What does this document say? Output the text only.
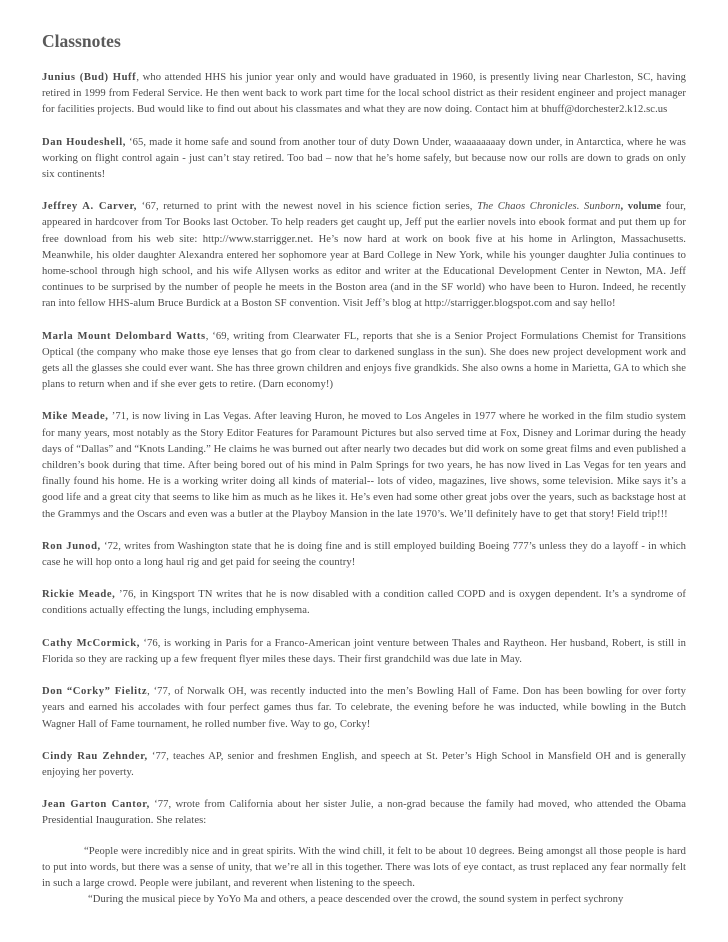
Classnotes

Junius (Bud) Huff, who attended HHS his junior year only and would have graduated in 1960, is presently living near Charleston, SC, having retired in 1999 from Federal Service. He then went back to work part time for the local school district as their resident engineer and project manager for facilities projects. Bud would like to find out about his classmates and what they are now doing. Contact him at bhuff@dorchester2.k12.sc.us

Dan Houdeshell, ‘65, made it home safe and sound from another tour of duty Down Under, waaaaaaaay down under, in Antarctica, where he was working on flight control again - just can’t stay retired. Too bad – now that he’s home safely, but because now our rolls are down to grads on only six continents!

Jeffrey A. Carver, ‘67, returned to print with the newest novel in his science fiction series, The Chaos Chronicles. Sunborn, volume four, appeared in hardcover from Tor Books last October. To help readers get caught up, Jeff put the earlier novels into ebook format and put them up for free download from his web site: http://www.starrigger.net. He’s now hard at work on book five at his home in Arlington, Massachusetts. Meanwhile, his older daughter Alexandra entered her sophomore year at Bard College in New York, while his younger daughter Julia continues to home-school through high school, and his wife Allysen works as editor and writer at the Educational Development Center in Newton, MA. Jeff continues to be surprised by the number of people he meets in the Boston area (and in the SF world) who have been to Huron. Indeed, he recently ran into fellow HHS-alum Bruce Burdick at a Boston SF convention. Visit Jeff’s blog at http://starrigger.blogspot.com and say hello!

Marla Mount Delombard Watts, ‘69, writing from Clearwater FL, reports that she is a Senior Project Formulations Chemist for Transitions Optical (the company who make those eye lenses that go from clear to darkened sunglass in the sun). She does new project development work and gets all the glasses she could ever want. She has three grown children and enjoys five grandkids. She also owns a home in Marietta, GA to which she plans to return when and if she ever gets to retire. (Darn economy!)

Mike Meade, ’71, is now living in Las Vegas. After leaving Huron, he moved to Los Angeles in 1977 where he worked in the film studio system for many years, most notably as the Story Editor Features for Paramount Pictures but also served time at Fox, Disney and Lorimar during the heady days of “Dallas” and “Knots Landing.” He claims he was burned out after nearly two decades but did work on some great films and even published a children’s book during that time. After being bored out of his mind in Palm Springs for two years, he has now lived in Las Vegas for ten years and finally found his home. He is a working writer doing all kinds of material-- lots of video, magazines, live shows, some television. Mike says it’s a good life and a great city that seems to like him as much as he likes it. He’s even had some other great jobs over the years, such as backstage host at the Grammys and the Oscars and even was a butler at the Playboy Mansion in the late 1970’s. We’ll definitely have to get that story! Field trip!!!

Ron Junod, ‘72, writes from Washington state that he is doing fine and is still employed building Boeing 777’s unless they do a layoff - in which case he will hop onto a long haul rig and get paid for seeing the country!

Rickie Meade, ’76, in Kingsport TN writes that he is now disabled with a condition called COPD and is oxygen dependent. It’s a syndrome of conditions actually effecting the lungs, including emphysema.

Cathy McCormick, ‘76, is working in Paris for a Franco-American joint venture between Thales and Raytheon. Her husband, Robert, is still in Florida so they are racking up a few frequent flyer miles these days. Their first grandchild was due late in May.

Don “Corky” Fielitz, ‘77, of Norwalk OH, was recently inducted into the men’s Bowling Hall of Fame. Don has been bowling for over forty years and earned his accolades with four perfect games thus far. To celebrate, the evening before he was inducted, while bowling in the Butch Wagner Hall of Fame tournament, he rolled number five. Way to go, Corky!

Cindy Rau Zehnder, ‘77, teaches AP, senior and freshmen English, and speech at St. Peter’s High School in Mansfield OH and is generally enjoying her poverty.

Jean Garton Cantor, ‘77, wrote from California about her sister Julie, a non-grad because the family had moved, who attended the Obama Presidential Inauguration. She relates:

“People were incredibly nice and in great spirits. With the wind chill, it felt to be about 10 degrees. Being amongst all those people is hard to put into words, but there was a sense of unity, that we’re all in this together. There was lots of eye contact, as trust replaced any fear normally felt in such a large crowd. People were jubilant, and reverent when listening to the speech.

“During the musical piece by YoYo Ma and others, a peace descended over the crowd, the sound system in perfect sychrony
